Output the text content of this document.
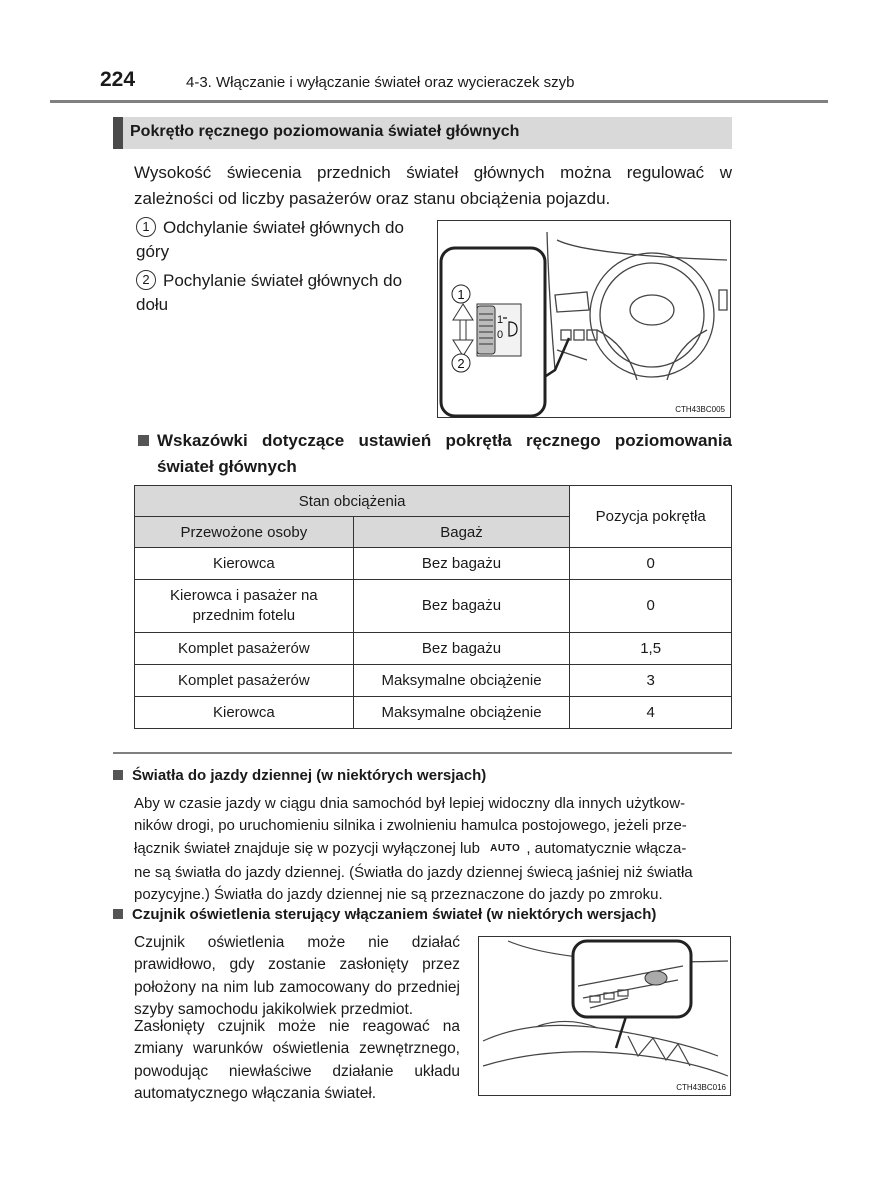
224	4-3. Włączanie i wyłączanie świateł oraz wycieraczek szyb
Pokrętło ręcznego poziomowania świateł głównych
Wysokość świecenia przednich świateł głównych można regulować w zależności od liczby pasażerów oraz stanu obciążenia pojazdu.
1 Odchylanie świateł głównych do góry
2 Pochylanie świateł głównych do dołu
1
0
1
2
CTH43BC005
Wskazówki dotyczące ustawień pokrętła ręcznego poziomowania świateł głównych
Stan obciążenia		Pozycja pokrętła
Przewożone osoby	Bagaż	
Kierowca	Bez bagażu	0
Kierowca i pasażer na przednim fotelu	Bez bagażu	0
Komplet pasażerów	Bez bagażu	1,5
Komplet pasażerów	Maksymalne obciążenie	3
Kierowca	Maksymalne obciążenie	4
Światła do jazdy dziennej (w niektórych wersjach)
Aby w czasie jazdy w ciągu dnia samochód był lepiej widoczny dla innych użytkow-
ników drogi, po uruchomieniu silnika i zwolnieniu hamulca postojowego, jeżeli prze-
łącznik świateł znajduje się w pozycji wyłączonej lub AUTO , automatycznie włącza-
ne są światła do jazdy dziennej. (Światła do jazdy dziennej świecą jaśniej niż światła
pozycyjne.) Światła do jazdy dziennej nie są przeznaczone do jazdy po zmroku.
Czujnik oświetlenia sterujący włączaniem świateł (w niektórych wersjach)
Czujnik oświetlenia może nie działać prawidłowo, gdy zostanie zasłonięty przez położony na nim lub zamocowany do przedniej szyby samochodu jakikolwiek przedmiot.
Zasłonięty czujnik może nie reagować na zmiany warunków oświetlenia zewnętrznego, powodując niewłaściwe działanie układu automatycznego włączania świateł.	CTH43BC016
